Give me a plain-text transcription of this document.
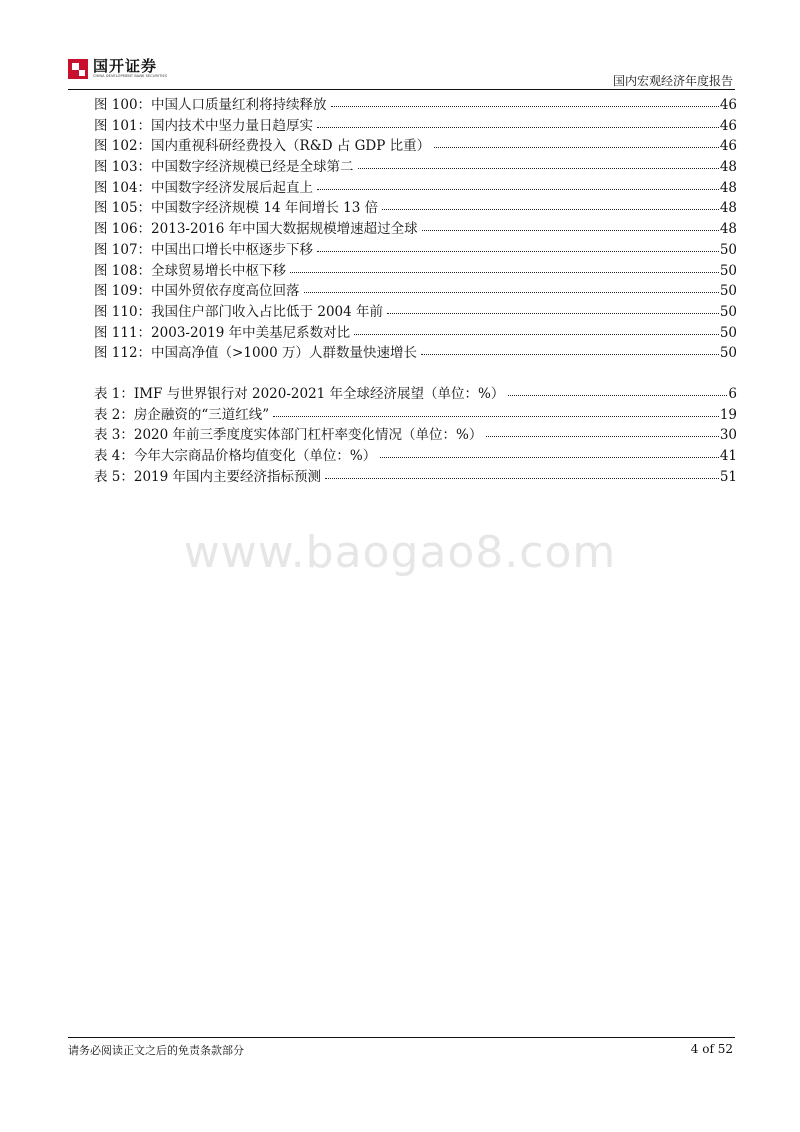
国开证券
CHINA DEVELOPMENT BANK SECURITIES	国内宏观经济年度报告
图 100：中国人口质量红利将持续释放	46
图 101：国内技术中坚力量日趋厚实	46
图 102：国内重视科研经费投入（R&D 占 GDP 比重）	46
图 103：中国数字经济规模已经是全球第二	48
图 104：中国数字经济发展后起直上	48
图 105：中国数字经济规模 14 年间增长 13 倍	48
图 106：2013-2016 年中国大数据规模增速超过全球	48
图 107：中国出口增长中枢逐步下移	50
图 108：全球贸易增长中枢下移	50
图 109：中国外贸依存度高位回落	50
图 110：我国住户部门收入占比低于 2004 年前	50
图 111：2003-2019 年中美基尼系数对比	50
图 112：中国高净值（>1000 万）人群数量快速增长	50
表 1：IMF 与世界银行对 2020-2021 年全球经济展望（单位：%）	6
表 2：房企融资的“三道红线”	19
表 3：2020 年前三季度度实体部门杠杆率变化情况（单位：%）	30
表 4：今年大宗商品价格均值变化（单位：%）	41
表 5：2019 年国内主要经济指标预测	51
www.baogao8.com
请务必阅读正文之后的免责条款部分	4 of 52
